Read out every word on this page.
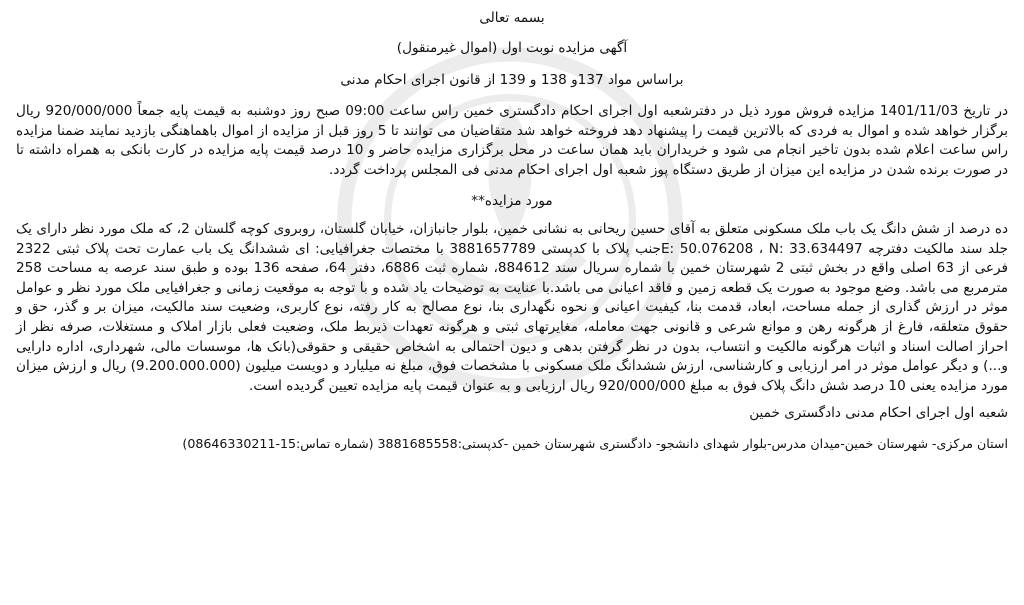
بسمه تعالی
آگهی مزایده نوبت اول (اموال غیرمنقول)
براساس مواد 137و 138 و 139 از قانون اجرای احکام مدنی

در تاریخ 1401/11/03 مزایده فروش مورد ذیل در دفترشعبه اول اجرای احکام دادگستری خمین راس ساعت 09:00 صبح روز دوشنبه به قیمت پایه جمعاً 920/000/000 ریال برگزار خواهد شده و اموال به فردی که بالاترین قیمت را پیشنهاد دهد فروخته خواهد شد متقاضیان می توانند تا 5 روز قبل از مزایده از اموال باهماهنگی بازدید نمایند ضمنا مزایده راس ساعت اعلام شده بدون تاخیر انجام می شود و خریداران باید همان ساعت در محل برگزاری مزایده حاضر و 10 درصد قیمت پایه مزایده در کارت بانکی به همراه داشته تا در صورت برنده شدن در مزایده این میزان از طریق دستگاه پوز شعبه اول اجرای احکام مدنی فی المجلس پرداخت گردد.

مورد مزایده**

ده درصد از شش دانگ یک باب ملک مسکونی متعلق به آقای حسین ریحانی به نشانی خمین، بلوار جانبازان، خیابان گلستان، روبروی کوچه گلستان 2، که ملک مورد نظر دارای یک جلد سند مالکیت دفترچه E: 50.076208 ، N: 33.634497جنب پلاک با کدپستی 3881657789 با مختصات جغرافیایی: ای ششدانگ یک باب عمارت تحت پلاک ثبتی 2322 فرعی از 63 اصلی واقع در بخش ثبتی 2 شهرستان خمین با شماره سریال سند 884612، شماره ثبت 6886، دفتر 64، صفحه 136 بوده و طبق سند عرصه به مساحت 258 مترمربع می باشد. وضع موجود به صورت یک قطعه زمین و فاقد اعیانی می باشد.با عنایت به توضیحات یاد شده و با توجه به موقعیت زمانی و جغرافیایی ملک مورد نظر و عوامل موثر در ارزش گذاری از جمله مساحت، ابعاد، قدمت بنا، کیفیت اعیانی و نحوه نگهداری بنا، نوع مصالح به کار رفته، نوع کاربری، وضعیت سند مالکیت، میزان بر و گذر، حق و حقوق متعلقه، فارغ از هرگونه رهن و موانع شرعی و قانونی جهت معامله، مغایرتهای ثبتی و هرگونه تعهدات ذیربط ملک، وضعیت فعلی بازار املاک و مستغلات، صرفه نظر از احراز اصالت اسناد و اثبات هرگونه مالکیت و انتساب، بدون در نظر گرفتن بدهی و دیون احتمالی به اشخاص حقیقی و حقوقی(بانک ها، موسسات مالی، شهرداری، اداره دارایی و...) و دیگر عوامل موثر در امر ارزیابی و کارشناسی، ارزش ششدانگ ملک مسکونی با مشخصات فوق، مبلغ نه میلیارد و دویست میلیون (9.200.000.000) ریال و ارزش میزان مورد مزایده یعنی 10 درصد شش دانگ پلاک فوق به مبلغ 920/000/000 ریال ارزیابی و به عنوان قیمت پایه مزایده تعیین گردیده است.

شعبه اول اجرای احکام مدنی دادگستری خمین
استان مرکزی- شهرستان خمین-میدان مدرس-بلوار شهدای دانشجو- دادگستری شهرستان خمین -کدپستی:3881685558 (شماره تماس:15-08646330211)
